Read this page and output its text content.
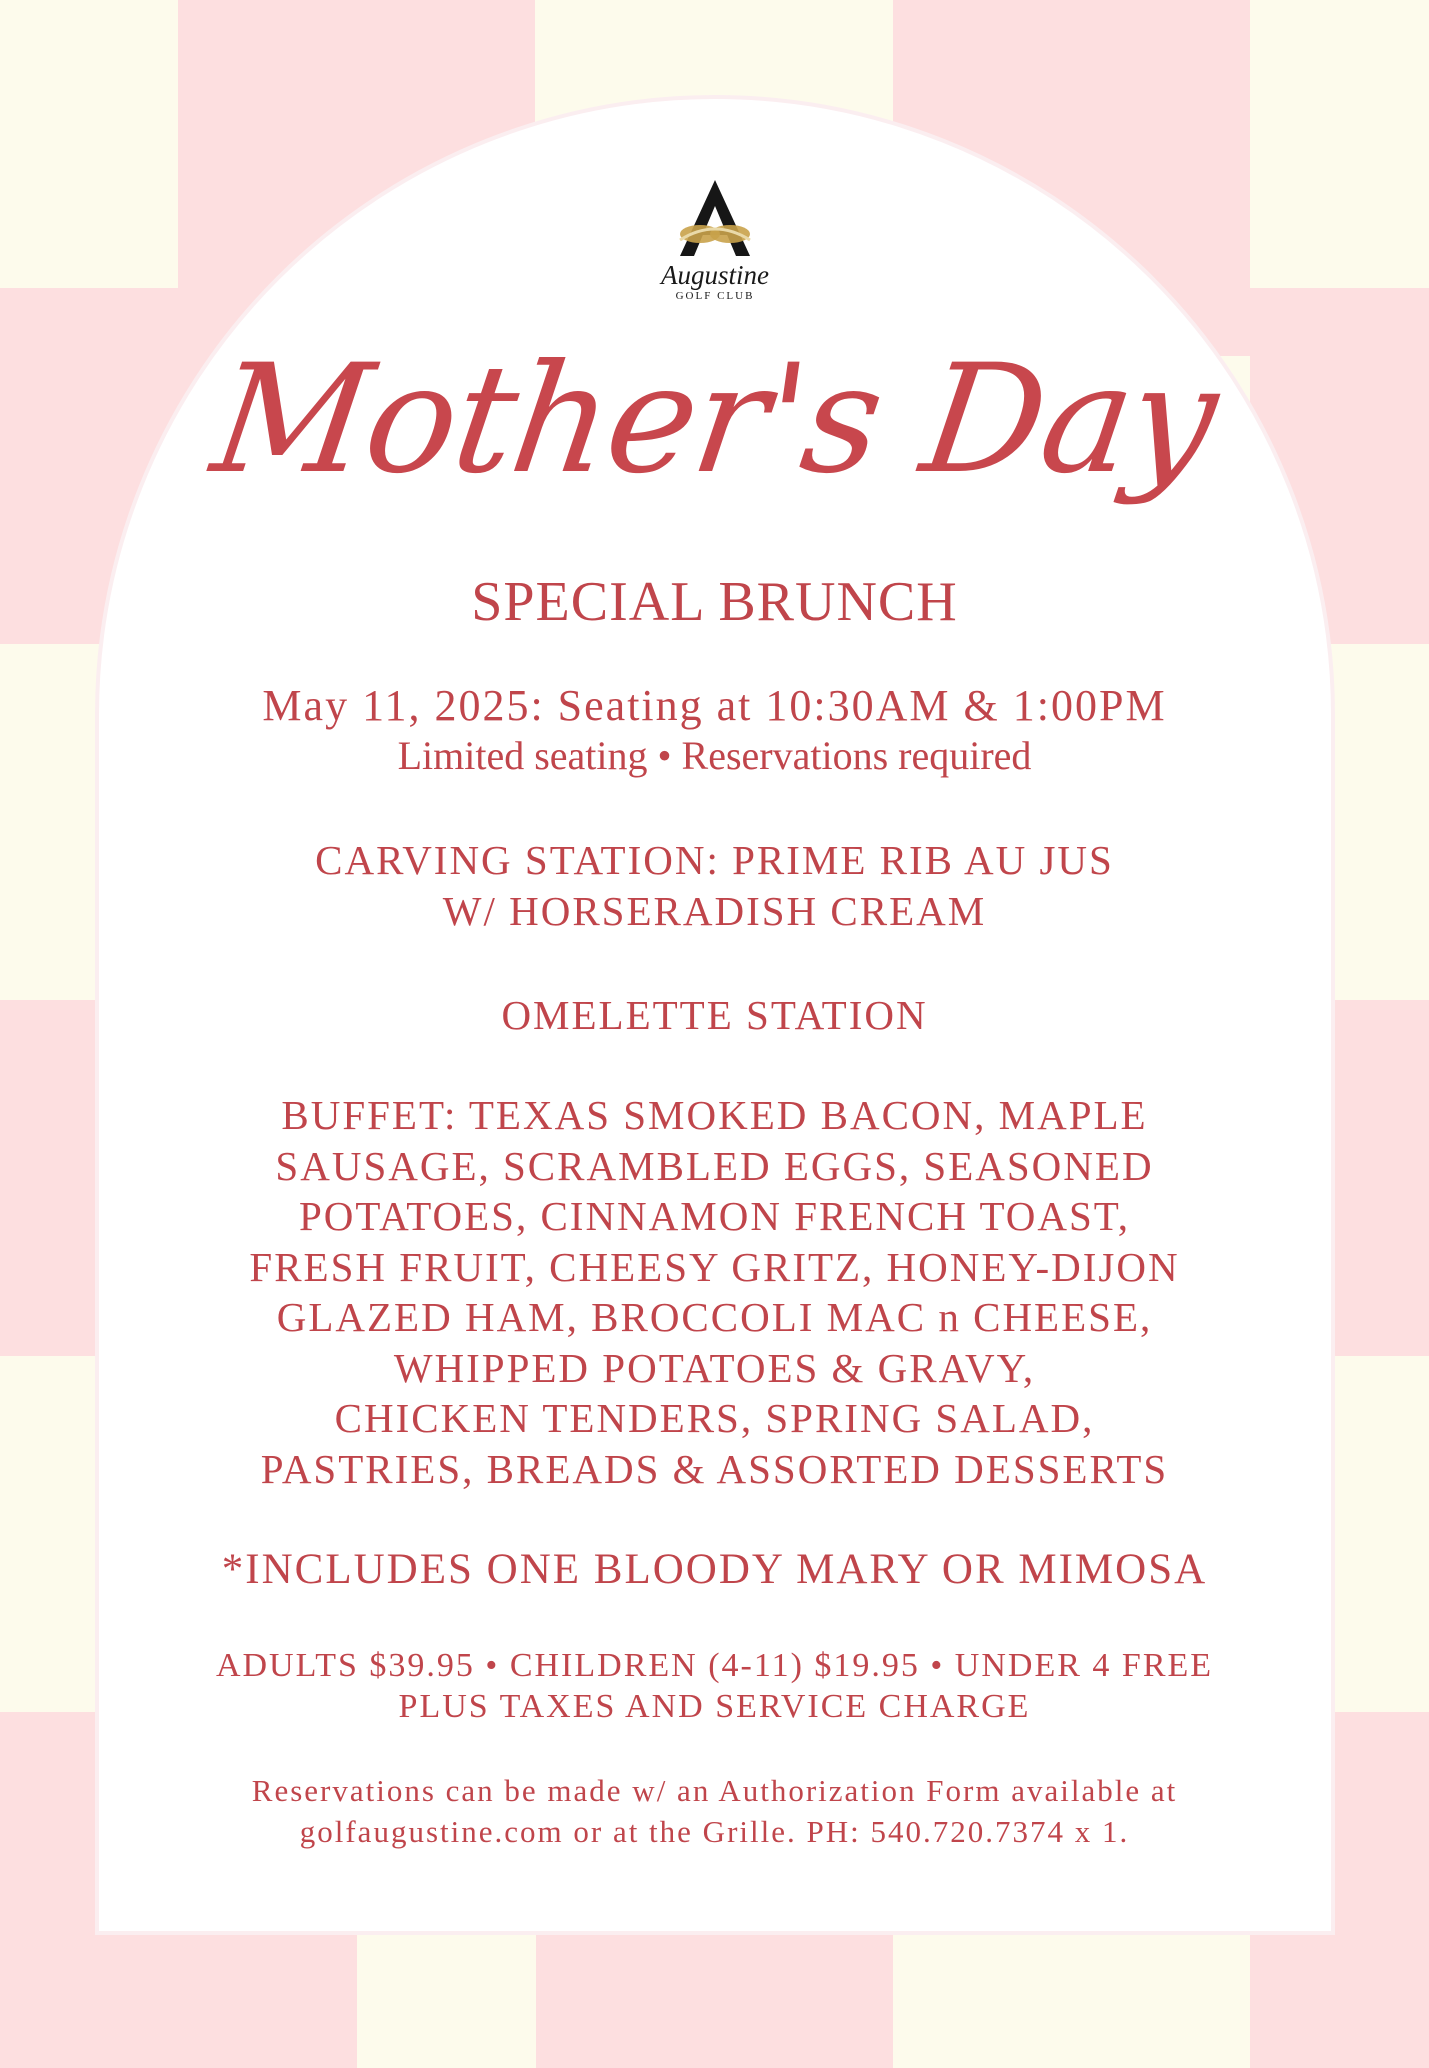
Augustine
GOLF CLUB
Mother's Day
SPECIAL BRUNCH
May 11, 2025: Seating at 10:30AM & 1:00PM
Limited seating • Reservations required
CARVING STATION: PRIME RIB AU JUS
W/ HORSERADISH CREAM
OMELETTE STATION
BUFFET: TEXAS SMOKED BACON, MAPLE
SAUSAGE, SCRAMBLED EGGS, SEASONED
POTATOES, CINNAMON FRENCH TOAST,
FRESH FRUIT, CHEESY GRITZ, HONEY-DIJON
GLAZED HAM, BROCCOLI MAC n CHEESE,
WHIPPED POTATOES & GRAVY,
CHICKEN TENDERS, SPRING SALAD,
PASTRIES, BREADS & ASSORTED DESSERTS
*INCLUDES ONE BLOODY MARY OR MIMOSA
ADULTS $39.95 • CHILDREN (4-11) $19.95 • UNDER 4 FREE
PLUS TAXES AND SERVICE CHARGE
Reservations can be made w/ an Authorization Form available at
golfaugustine.com or at the Grille. PH: 540.720.7374 x 1.
